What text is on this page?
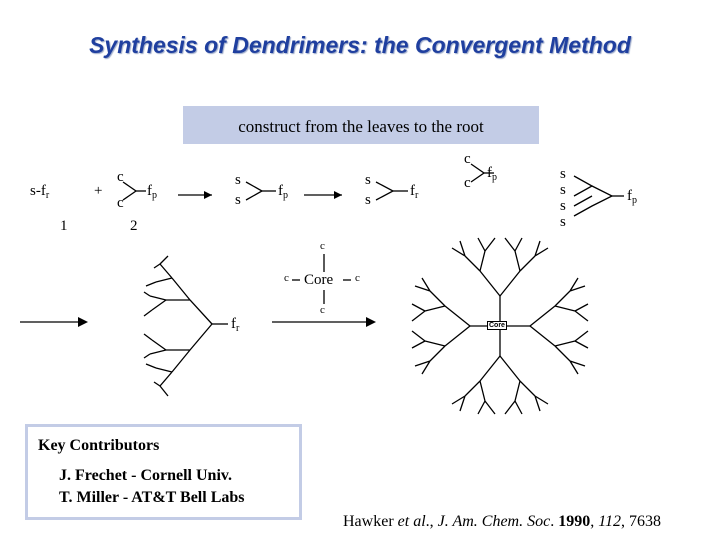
Synthesis of Dendrimers: the Convergent Method
construct from the leaves to the root
$s-f_r$	+
c
c
$f_p$
1	2
s
s
$f_p$
s
s
$f_r$
c
c
$f_p$	s
s
s
s
$f_p$
$f_r$
c
c Core c
c
Core
Key Contributors
J. Frechet - Cornell Univ.
T. Miller - AT&T Bell Labs
Hawker et al., J. Am. Chem. Soc. 1990, 112, 7638
